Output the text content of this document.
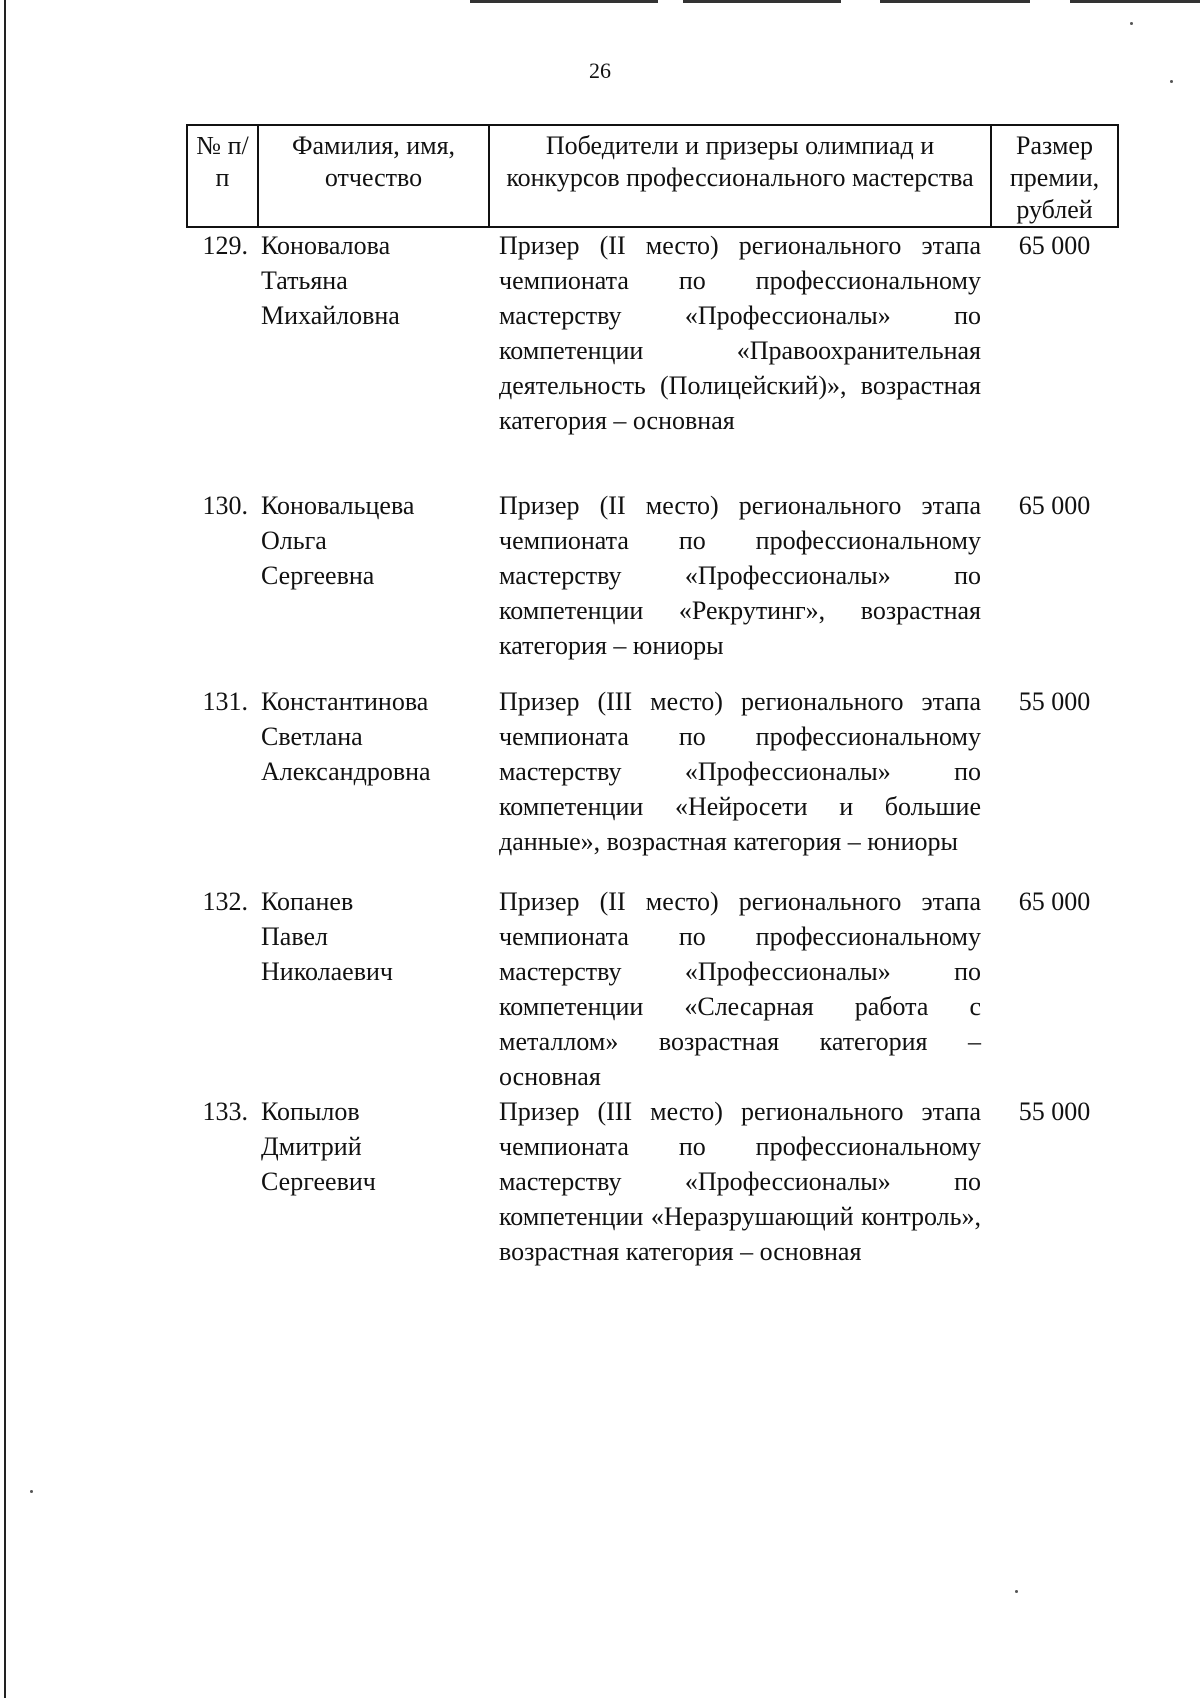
26
№ п/п	Фамилия, имя, отчество	Победители и призеры олимпиад и конкурсов профессионального мастерства	Размер премии, рублей
129.	Коновалова
Татьяна
Михайловна	Призер (II место) регионального этапа чемпионата по профессиональному мастерству «Профессионалы» по компетенции «Правоохранительная деятельность (Полицейский)», возрастная категория – основная	65 000
130.	Коновальцева
Ольга
Сергеевна	Призер (II место) регионального этапа чемпионата по профессиональному мастерству «Профессионалы» по компетенции «Рекрутинг», возрастная категория – юниоры	65 000
131.	Константинова
Светлана
Александровна	Призер (III место) регионального этапа чемпионата по профессиональному мастерству «Профессионалы» по компетенции «Нейросети и большие данные», возрастная категория – юниоры	55 000
132.	Копанев
Павел
Николаевич	Призер (II место) регионального этапа чемпионата по профессиональному мастерству «Профессионалы» по компетенции «Слесарная работа с металлом» возрастная категория – основная	65 000
133.	Копылов
Дмитрий
Сергеевич	Призер (III место) регионального этапа чемпионата по профессиональному мастерству «Профессионалы» по компетенции «Неразрушающий контроль», возрастная категория – основная	55 000
